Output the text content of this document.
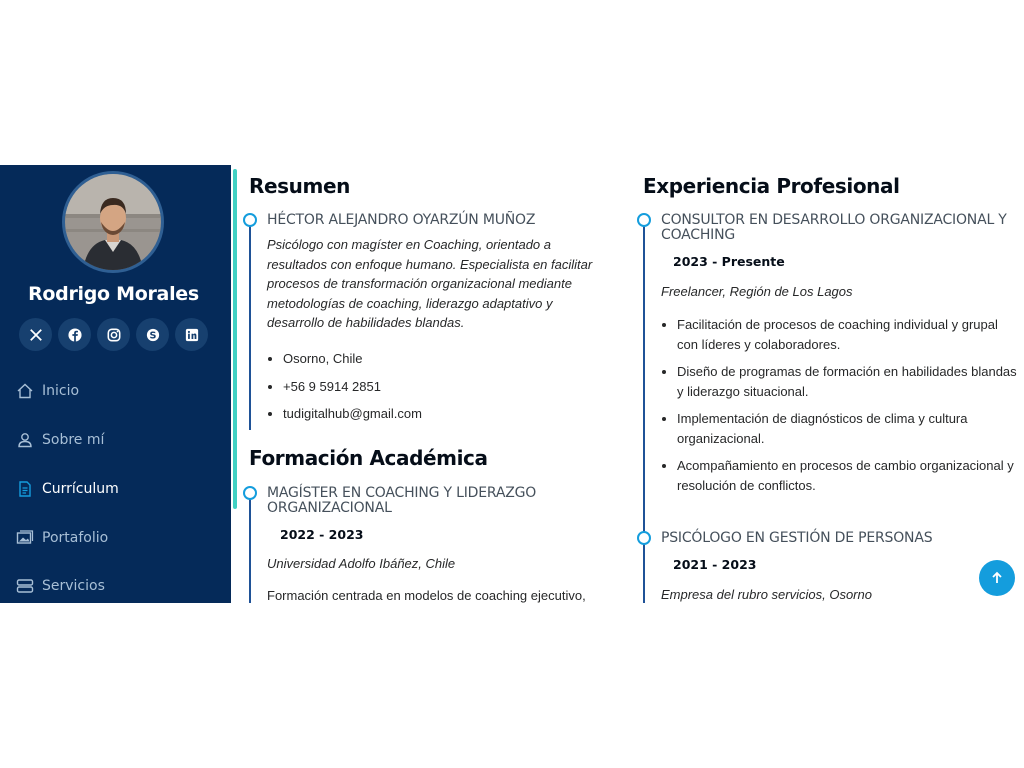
Rodrigo Morales
S
Inicio
Sobre mí
Currículum
Portafolio
Servicios
Resumen
HÉCTOR ALEJANDRO OYARZÚN MUÑOZ
Psicólogo con magíster en Coaching, orientado a resultados con enfoque humano. Especialista en facilitar procesos de transformación organizacional mediante metodologías de coaching, liderazgo adaptativo y desarrollo de habilidades blandas.
• Osorno, Chile
• +56 9 5914 2851
• tudigitalhub@gmail.com
Formación Académica
MAGÍSTER EN COACHING Y LIDERAZGO ORGANIZACIONAL
2022 - 2023
Universidad Adolfo Ibáñez, Chile
Formación centrada en modelos de coaching ejecutivo,
Experiencia Profesional
CONSULTOR EN DESARROLLO ORGANIZACIONAL Y COACHING
2023 - Presente
Freelancer, Región de Los Lagos
• Facilitación de procesos de coaching individual y grupal con líderes y colaboradores.
• Diseño de programas de formación en habilidades blandas y liderazgo situacional.
• Implementación de diagnósticos de clima y cultura organizacional.
• Acompañamiento en procesos de cambio organizacional y resolución de conflictos.
PSICÓLOGO EN GESTIÓN DE PERSONAS
2021 - 2023
Empresa del rubro servicios, Osorno
